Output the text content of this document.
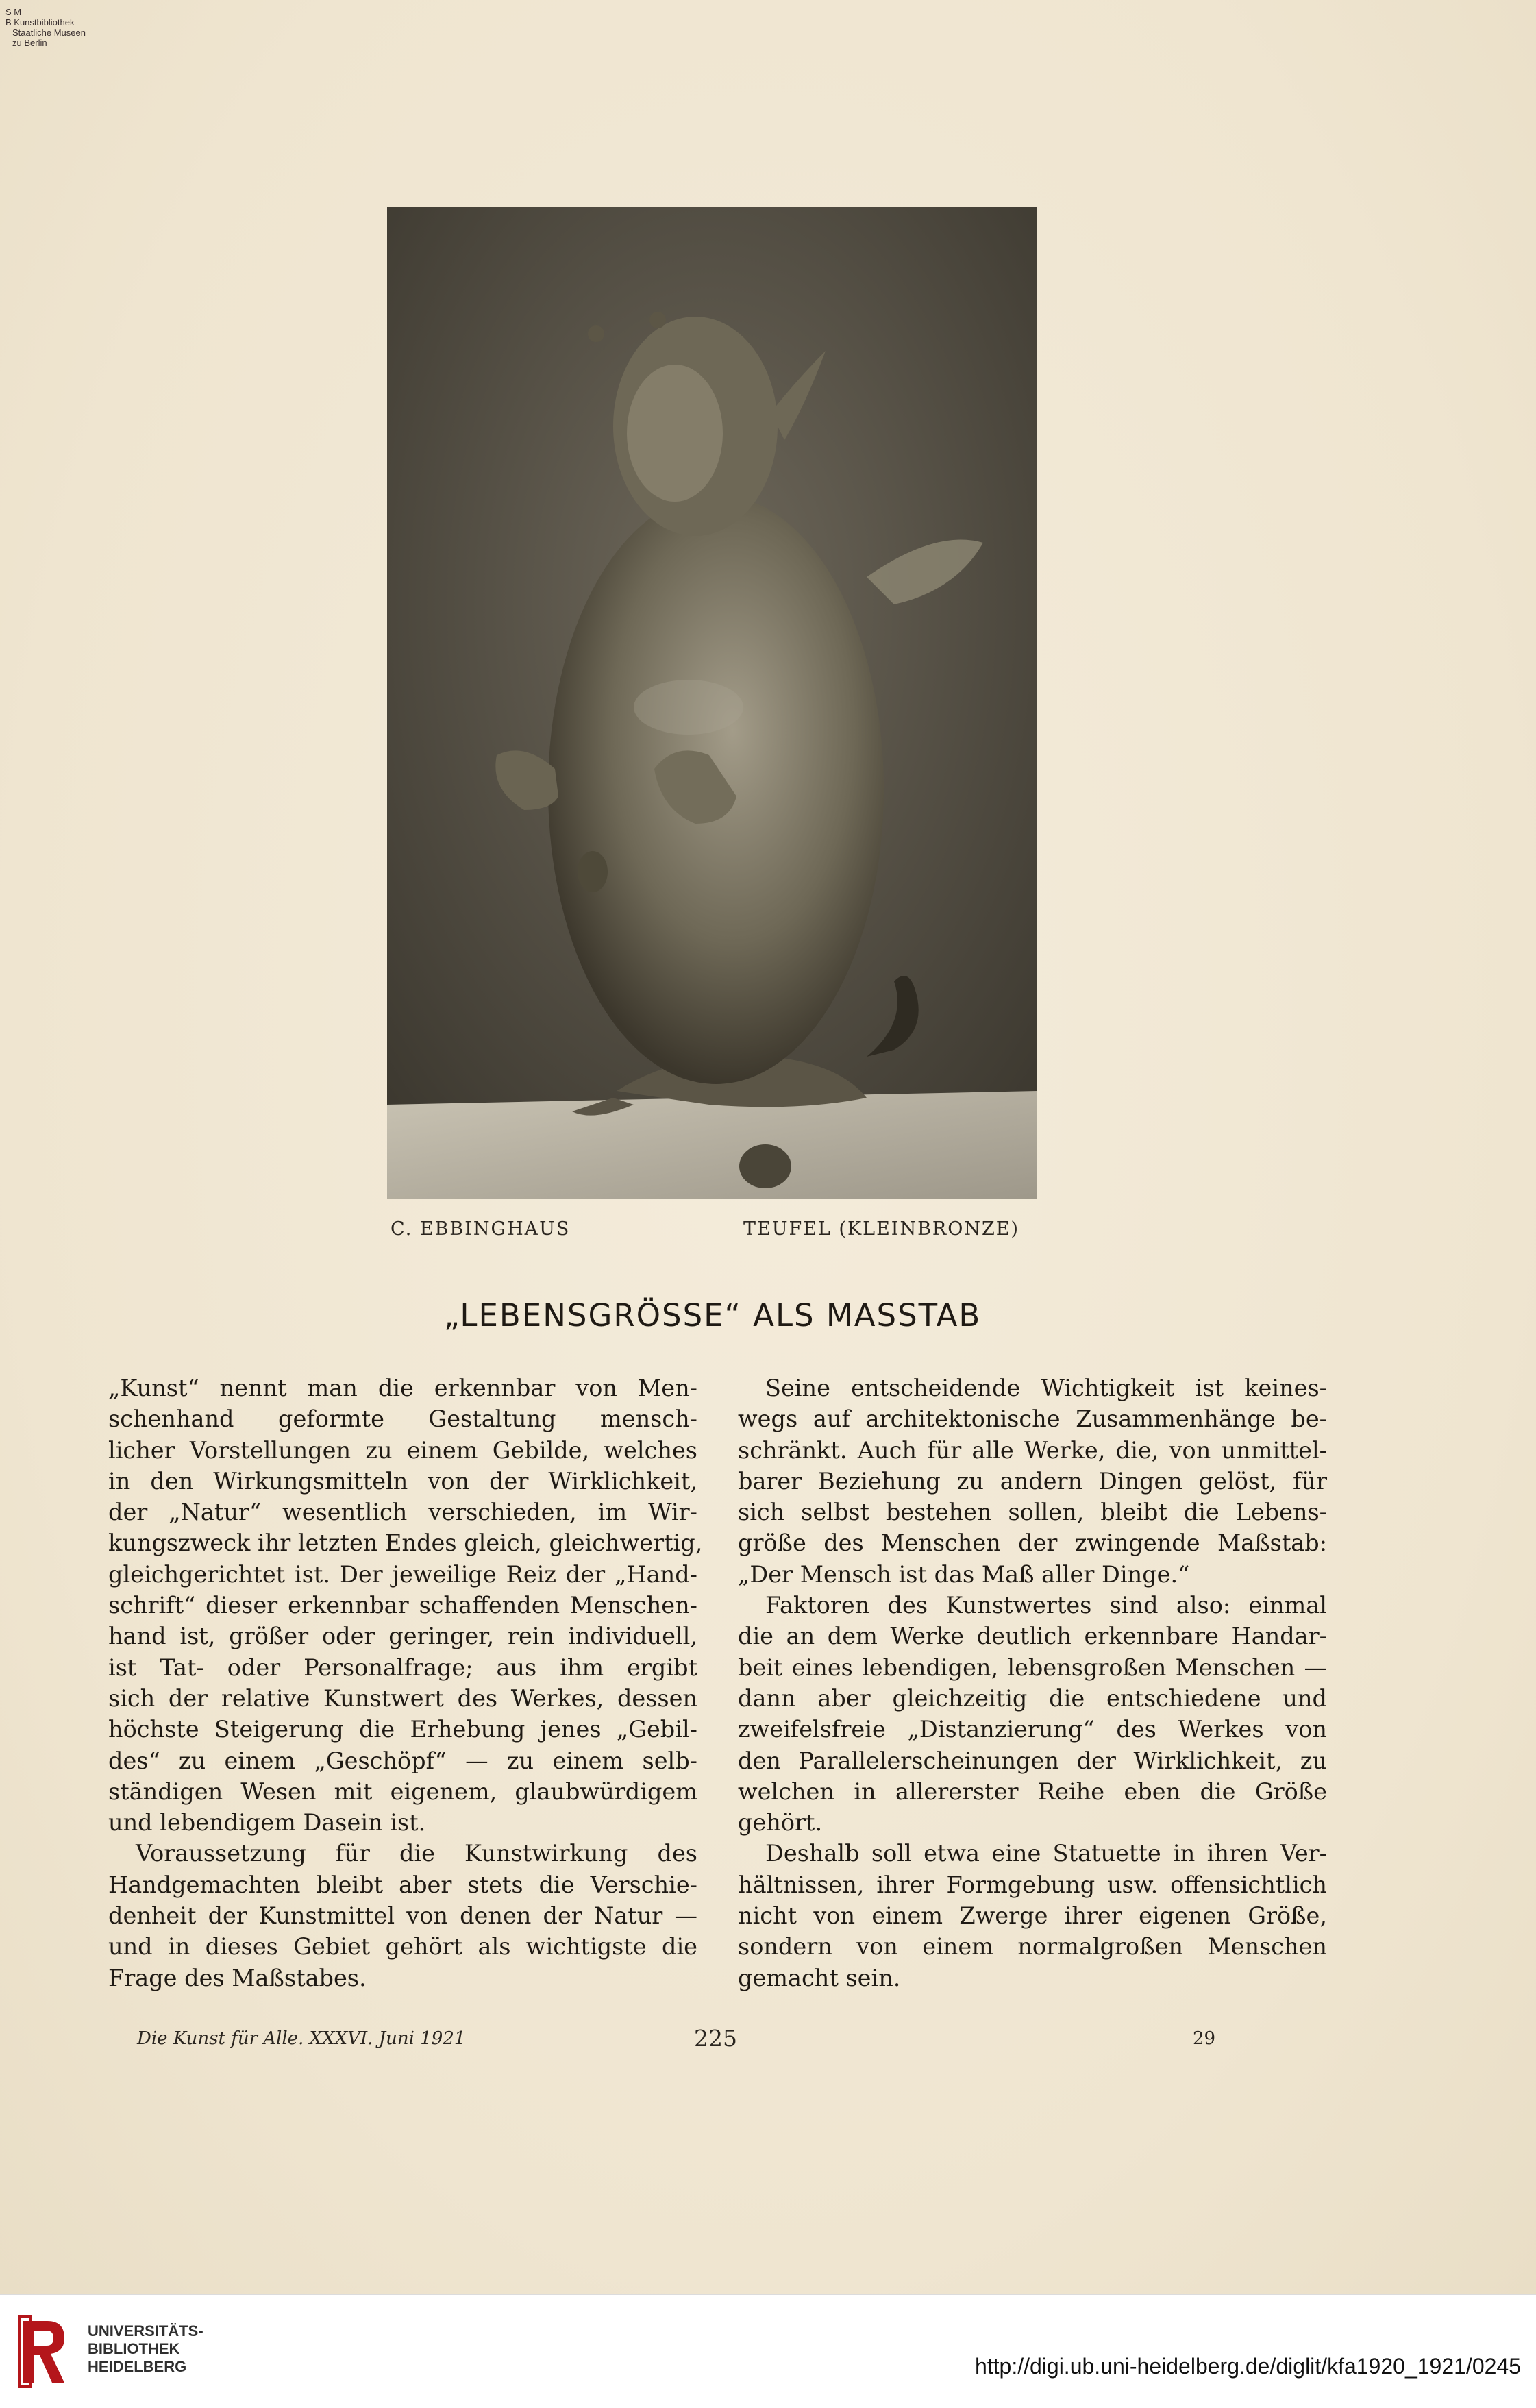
S M
B Kunstbibliothek
Staatliche Museen
zu Berlin
C. EBBINGHAUS	TEUFEL (KLEINBRONZE)
„LEBENSGRÖSSE“ ALS MASSTAB
„Kunst“ nennt man die erkennbar von Men-
schenhand geformte Gestaltung mensch-
licher Vorstellungen zu einem Gebilde, welches
in den Wirkungsmitteln von der Wirklichkeit,
der „Natur“ wesentlich verschieden, im Wir-
kungszweck ihr letzten Endes gleich, gleichwertig,
gleichgerichtet ist. Der jeweilige Reiz der „Hand-
schrift“ dieser erkennbar schaffenden Menschen-
hand ist, größer oder geringer, rein individuell,
ist Tat- oder Personalfrage; aus ihm ergibt
sich der relative Kunstwert des Werkes, dessen
höchste Steigerung die Erhebung jenes „Gebil-
des“ zu einem „Geschöpf“ — zu einem selb-
ständigen Wesen mit eigenem, glaubwürdigem
und lebendigem Dasein ist.
Voraussetzung für die Kunstwirkung des
Handgemachten bleibt aber stets die Verschie-
denheit der Kunstmittel von denen der Natur —
und in dieses Gebiet gehört als wichtigste die
Frage des Maßstabes.
Seine entscheidende Wichtigkeit ist keines-
wegs auf architektonische Zusammenhänge be-
schränkt. Auch für alle Werke, die, von unmittel-
barer Beziehung zu andern Dingen gelöst, für
sich selbst bestehen sollen, bleibt die Lebens-
größe des Menschen der zwingende Maßstab:
„Der Mensch ist das Maß aller Dinge.“
Faktoren des Kunstwertes sind also: einmal
die an dem Werke deutlich erkennbare Handar-
beit eines lebendigen, lebensgroßen Menschen —
dann aber gleichzeitig die entschiedene und
zweifelsfreie „Distanzierung“ des Werkes von
den Parallelerscheinungen der Wirklichkeit, zu
welchen in allererster Reihe eben die Größe
gehört.
Deshalb soll etwa eine Statuette in ihren Ver-
hältnissen, ihrer Formgebung usw. offensichtlich
nicht von einem Zwerge ihrer eigenen Größe,
sondern von einem normalgroßen Menschen
gemacht sein.
Die Kunst für Alle. XXXVI. Juni 1921	225	29
UNIVERSITÄTS-
BIBLIOTHEK
HEIDELBERG	http://digi.ub.uni-heidelberg.de/diglit/kfa1920_1921/0245
